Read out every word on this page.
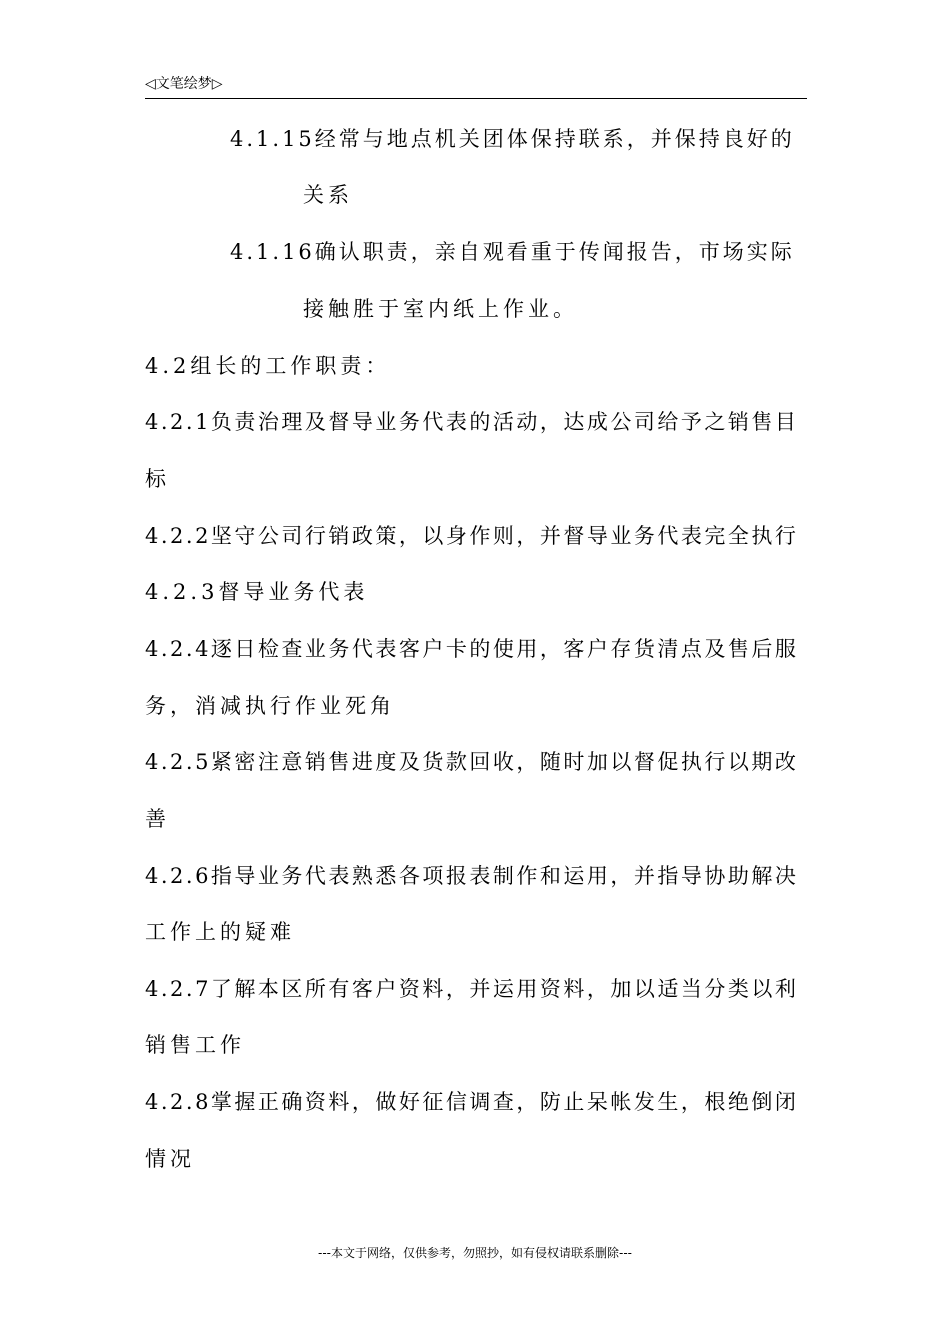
◁文笔绘梦▷
4.1.15经常与地点机关团体保持联系，并保持良好的
关系
4.1.16确认职责，亲自观看重于传闻报告，市场实际
接触胜于室内纸上作业。
4.2组长的工作职责：
4.2.1负责治理及督导业务代表的活动，达成公司给予之销售目
标
4.2.2坚守公司行销政策，以身作则，并督导业务代表完全执行
4.2.3督导业务代表
4.2.4逐日检查业务代表客户卡的使用，客户存货清点及售后服
务，消减执行作业死角
4.2.5紧密注意销售进度及货款回收，随时加以督促执行以期改
善
4.2.6指导业务代表熟悉各项报表制作和运用，并指导协助解决
工作上的疑难
4.2.7了解本区所有客户资料，并运用资料，加以适当分类以利
销售工作
4.2.8掌握正确资料，做好征信调查，防止呆帐发生，根绝倒闭
情况
---本文于网络，仅供参考，勿照抄，如有侵权请联系删除---
